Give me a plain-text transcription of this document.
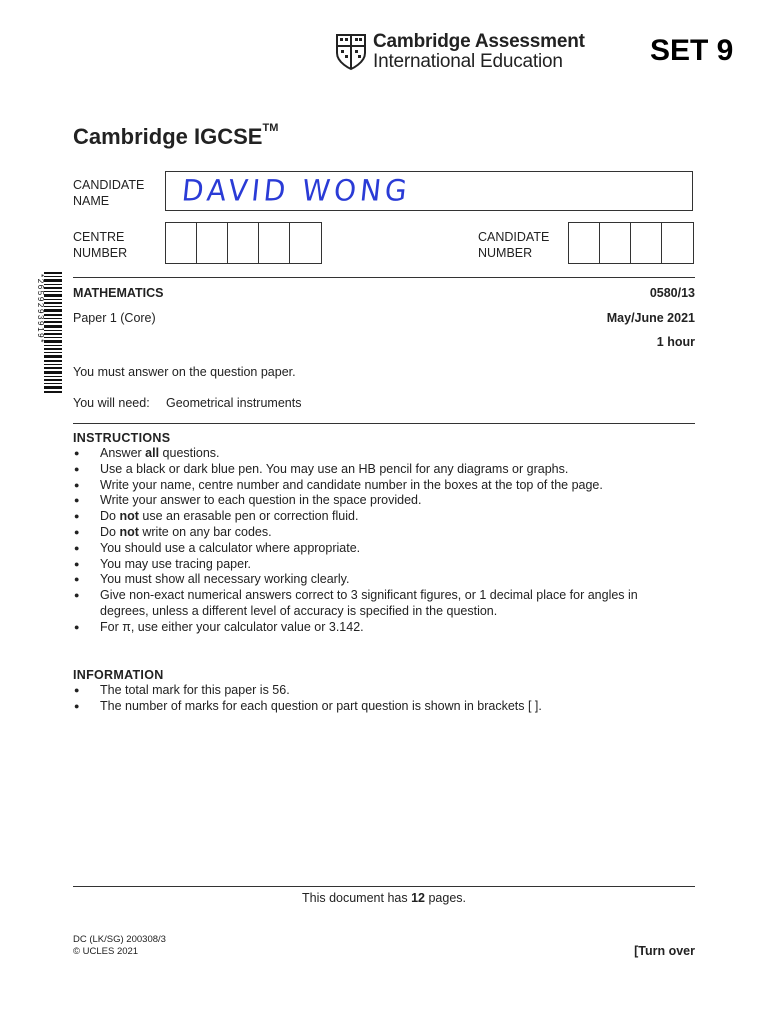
Cambridge Assessment
International Education	SET 9
Cambridge IGCSE™
CANDIDATE
NAME	DAVID WONG
CENTRE
NUMBER
CANDIDATE
NUMBER
*2659293919* MATHEMATICS	0580/13
Paper 1 (Core)	May/June 2021
1 hour
You must answer on the question paper.
You will need: Geometrical instruments
INSTRUCTIONS
● Answer all questions.
● Use a black or dark blue pen. You may use an HB pencil for any diagrams or graphs.
● Write your name, centre number and candidate number in the boxes at the top of the page.
● Write your answer to each question in the space provided.
● Do not use an erasable pen or correction fluid.
● Do not write on any bar codes.
● You should use a calculator where appropriate.
● You may use tracing paper.
● You must show all necessary working clearly.
● Give non-exact numerical answers correct to 3 significant figures, or 1 decimal place for angles in degrees, unless a different level of accuracy is specified in the question.
● For π, use either your calculator value or 3.142.
INFORMATION
● The total mark for this paper is 56.
● The number of marks for each question or part question is shown in brackets [ ].
This document has 12 pages.
DC (LK/SG) 200308/3
© UCLES 2021	[Turn over
